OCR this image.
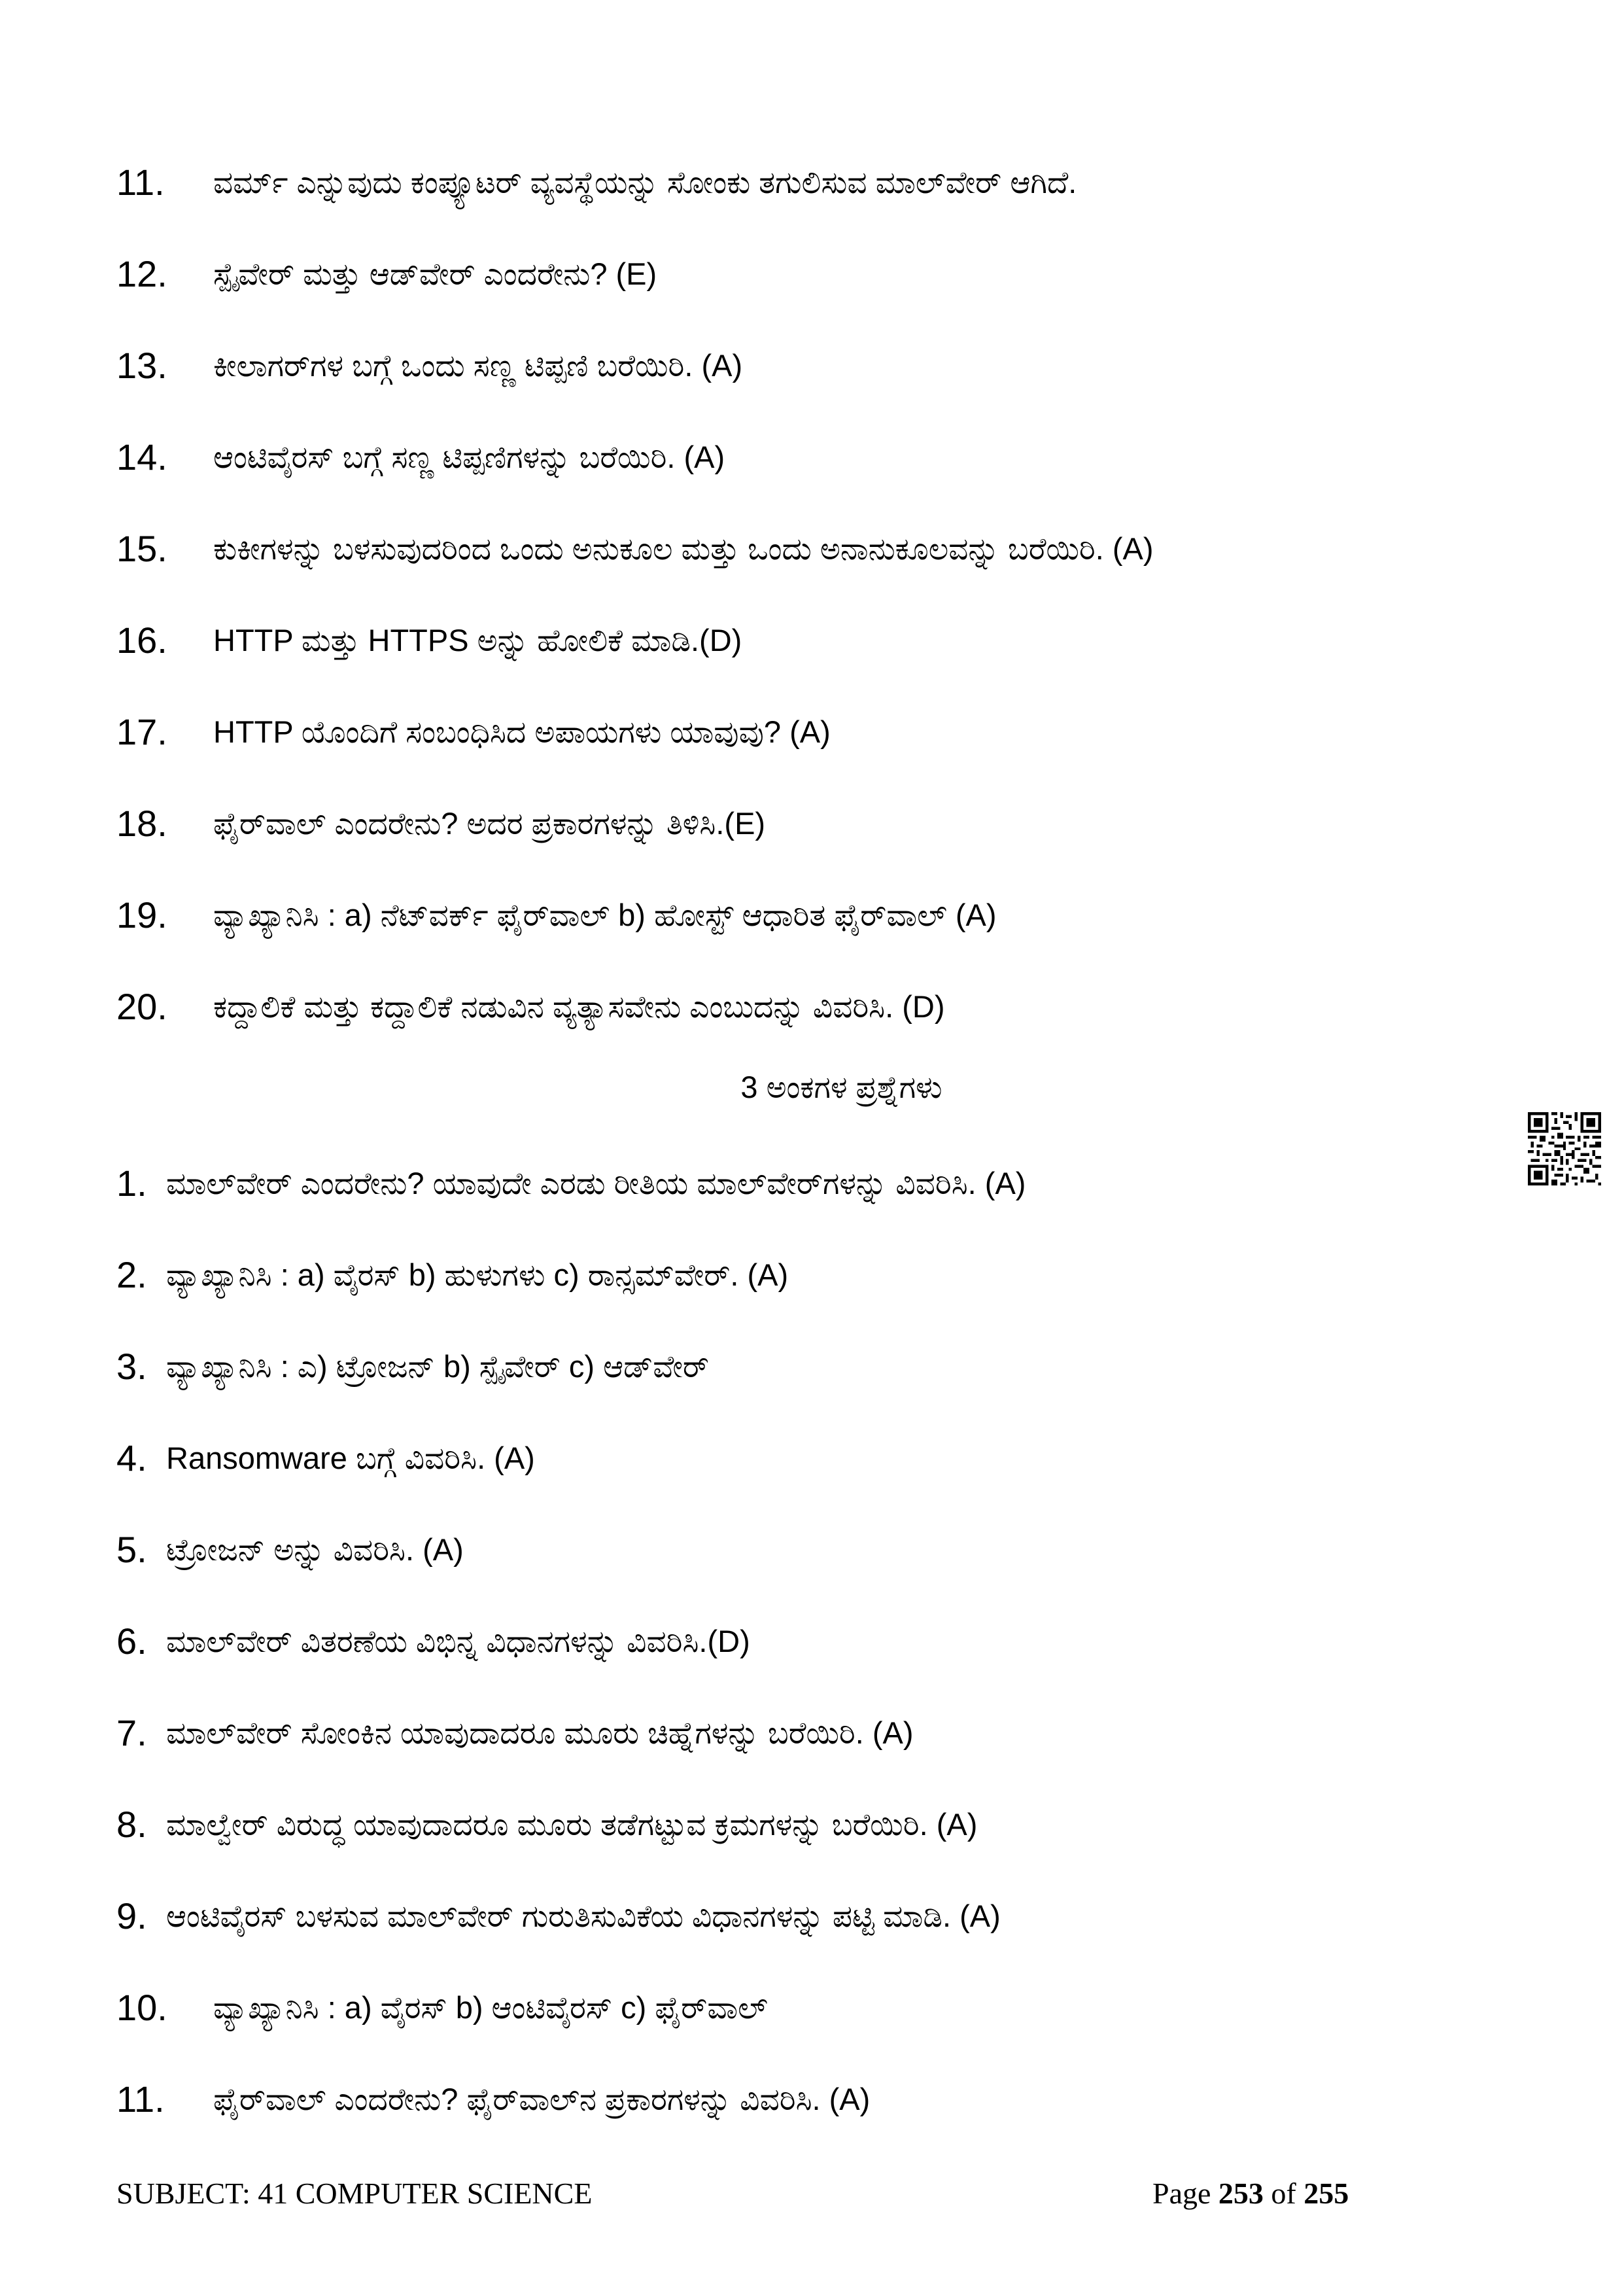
11. ವರ್ಮ್ ಎನ್ನುವುದು ಕಂಪ್ಯೂಟರ್ ವ್ಯವಸ್ಥೆಯನ್ನು ಸೋಂಕು ತಗುಲಿಸುವ ಮಾಲ್‌ವೇರ್ ಆಗಿದೆ.
12. ಸ್ಪೈವೇರ್ ಮತ್ತು ಆಡ್‌ವೇರ್ ಎಂದರೇನು? (E)
13. ಕೀಲಾಗರ್‌ಗಳ ಬಗ್ಗೆ ಒಂದು ಸಣ್ಣ ಟಿಪ್ಪಣಿ ಬರೆಯಿರಿ. (A)
14. ಆಂಟಿವೈರಸ್ ಬಗ್ಗೆ ಸಣ್ಣ ಟಿಪ್ಪಣಿಗಳನ್ನು ಬರೆಯಿರಿ. (A)
15. ಕುಕೀಗಳನ್ನು ಬಳಸುವುದರಿಂದ ಒಂದು ಅನುಕೂಲ ಮತ್ತು ಒಂದು ಅನಾನುಕೂಲವನ್ನು ಬರೆಯಿರಿ. (A)
16. HTTP ಮತ್ತು HTTPS ಅನ್ನು ಹೋಲಿಕೆ ಮಾಡಿ.(D)
17. HTTP ಯೊಂದಿಗೆ ಸಂಬಂಧಿಸಿದ ಅಪಾಯಗಳು ಯಾವುವು? (A)
18. ಫೈರ್‌ವಾಲ್ ಎಂದರೇನು? ಅದರ ಪ್ರಕಾರಗಳನ್ನು ತಿಳಿಸಿ.(E)
19. ವ್ಯಾಖ್ಯಾನಿಸಿ : a) ನೆಟ್‌ವರ್ಕ್ ಫೈರ್‌ವಾಲ್ b) ಹೋಸ್ಟ್ ಆಧಾರಿತ ಫೈರ್‌ವಾಲ್ (A)
20. ಕದ್ದಾಲಿಕೆ ಮತ್ತು ಕದ್ದಾಲಿಕೆ ನಡುವಿನ ವ್ಯತ್ಯಾಸವೇನು ಎಂಬುದನ್ನು ವಿವರಿಸಿ. (D)
3 ಅಂಕಗಳ ಪ್ರಶ್ನೆಗಳು
1. ಮಾಲ್‌ವೇರ್ ಎಂದರೇನು? ಯಾವುದೇ ಎರಡು ರೀತಿಯ ಮಾಲ್‌ವೇರ್‌ಗಳನ್ನು ವಿವರಿಸಿ. (A)
2. ವ್ಯಾಖ್ಯಾನಿಸಿ : a) ವೈರಸ್ b) ಹುಳುಗಳು c) ರಾನ್ಸಮ್‌ವೇರ್. (A)
3. ವ್ಯಾಖ್ಯಾನಿಸಿ : ಎ) ಟ್ರೋಜನ್ b) ಸ್ಪೈವೇರ್ c) ಆಡ್‌ವೇರ್
4. Ransomware ಬಗ್ಗೆ ವಿವರಿಸಿ. (A)
5. ಟ್ರೋಜನ್ ಅನ್ನು ವಿವರಿಸಿ. (A)
6. ಮಾಲ್‌ವೇರ್ ವಿತರಣೆಯ ವಿಭಿನ್ನ ವಿಧಾನಗಳನ್ನು ವಿವರಿಸಿ.(D)
7. ಮಾಲ್‌ವೇರ್ ಸೋಂಕಿನ ಯಾವುದಾದರೂ ಮೂರು ಚಿಹ್ನೆಗಳನ್ನು ಬರೆಯಿರಿ. (A)
8. ಮಾಲ್ವೇರ್ ವಿರುದ್ಧ ಯಾವುದಾದರೂ ಮೂರು ತಡೆಗಟ್ಟುವ ಕ್ರಮಗಳನ್ನು ಬರೆಯಿರಿ. (A)
9. ಆಂಟಿವೈರಸ್ ಬಳಸುವ ಮಾಲ್‌ವೇರ್ ಗುರುತಿಸುವಿಕೆಯ ವಿಧಾನಗಳನ್ನು ಪಟ್ಟಿ ಮಾಡಿ. (A)
10. ವ್ಯಾಖ್ಯಾನಿಸಿ : a) ವೈರಸ್ b) ಆಂಟಿವೈರಸ್ c) ಫೈರ್‌ವಾಲ್
11. ಫೈರ್‌ವಾಲ್ ಎಂದರೇನು? ಫೈರ್‌ವಾಲ್‌ನ ಪ್ರಕಾರಗಳನ್ನು ವಿವರಿಸಿ. (A)
SUBJECT: 41 COMPUTER SCIENCE	Page 253 of 255
